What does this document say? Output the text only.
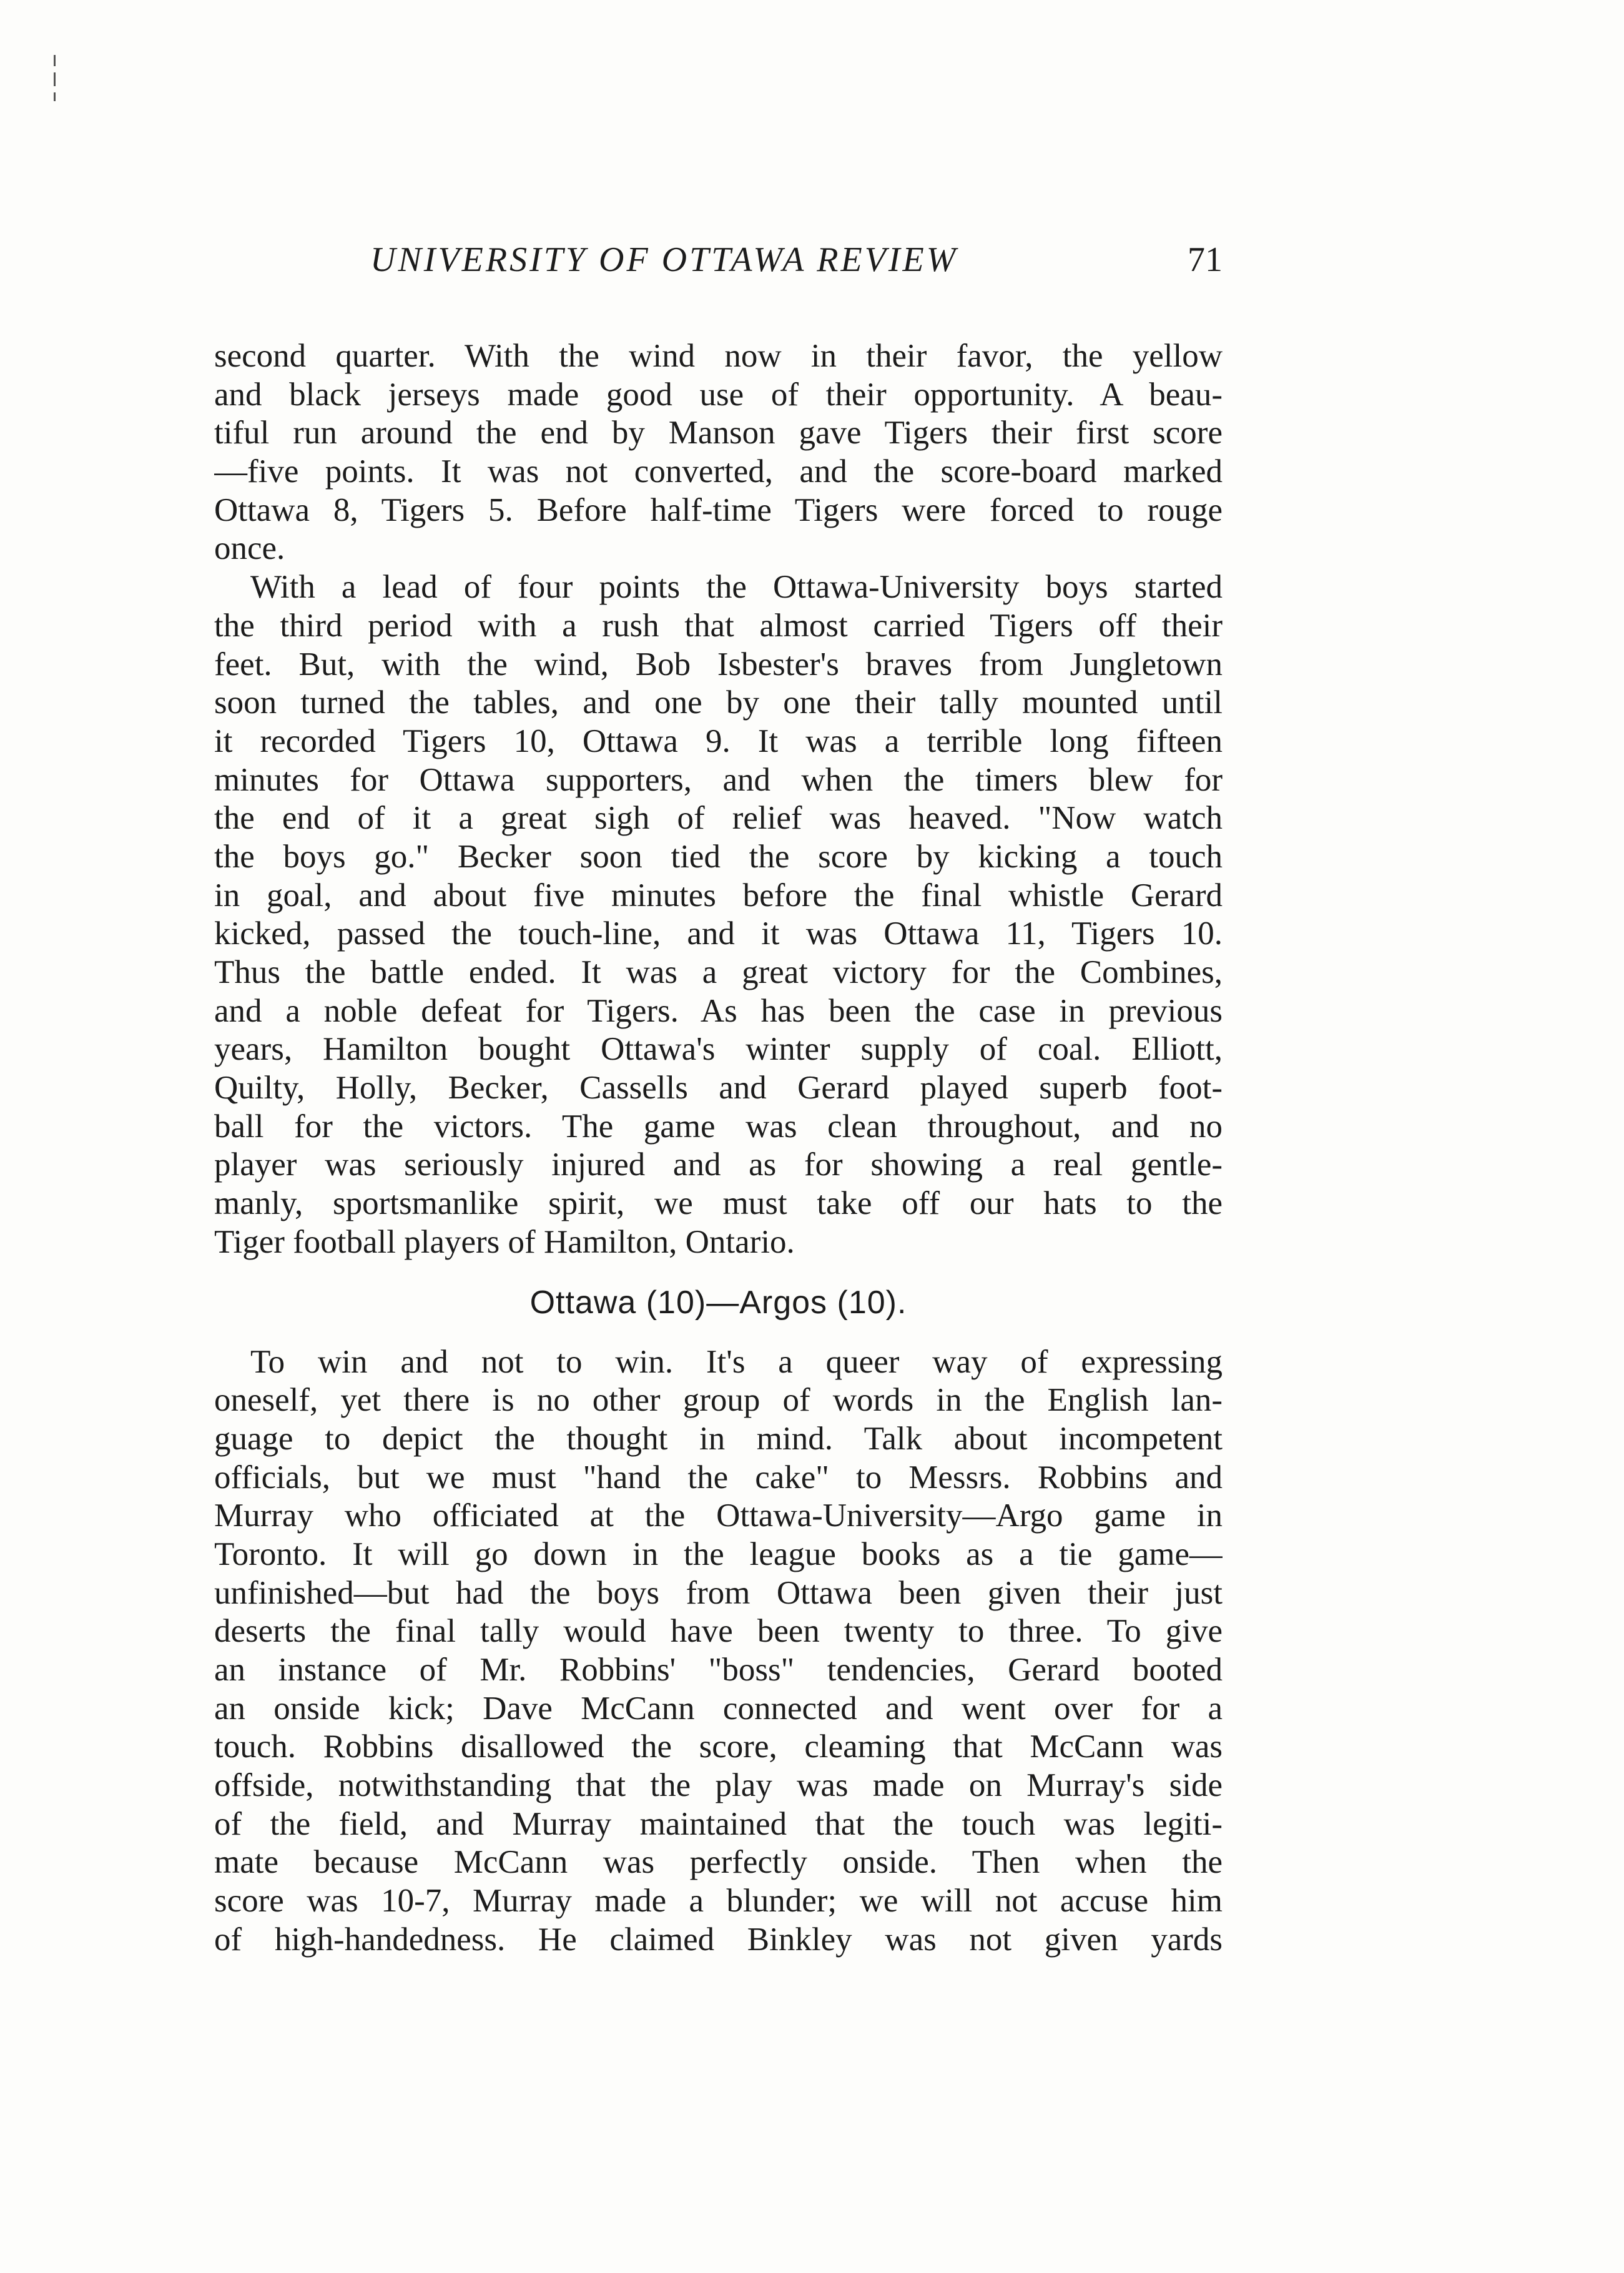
UNIVERSITY OF OTTAWA REVIEW	71
second quarter. With the wind now in their favor, the yellow
and black jerseys made good use of their opportunity. A beau-
tiful run around the end by Manson gave Tigers their first score
—five points. It was not converted, and the score-board marked
Ottawa 8, Tigers 5. Before half-time Tigers were forced to rouge
once.
With a lead of four points the Ottawa-University boys started
the third period with a rush that almost carried Tigers off their
feet. But, with the wind, Bob Isbester's braves from Jungletown
soon turned the tables, and one by one their tally mounted until
it recorded Tigers 10, Ottawa 9. It was a terrible long fifteen
minutes for Ottawa supporters, and when the timers blew for
the end of it a great sigh of relief was heaved. "Now watch
the boys go." Becker soon tied the score by kicking a touch
in goal, and about five minutes before the final whistle Gerard
kicked, passed the touch-line, and it was Ottawa 11, Tigers 10.
Thus the battle ended. It was a great victory for the Combines,
and a noble defeat for Tigers. As has been the case in previous
years, Hamilton bought Ottawa's winter supply of coal. Elliott,
Quilty, Holly, Becker, Cassells and Gerard played superb foot-
ball for the victors. The game was clean throughout, and no
player was seriously injured and as for showing a real gentle-
manly, sportsmanlike spirit, we must take off our hats to the
Tiger football players of Hamilton, Ontario.
Ottawa (10)—Argos (10).
To win and not to win. It's a queer way of expressing
oneself, yet there is no other group of words in the English lan-
guage to depict the thought in mind. Talk about incompetent
officials, but we must "hand the cake" to Messrs. Robbins and
Murray who officiated at the Ottawa-University—Argo game in
Toronto. It will go down in the league books as a tie game—
unfinished—but had the boys from Ottawa been given their just
deserts the final tally would have been twenty to three. To give
an instance of Mr. Robbins' "boss" tendencies, Gerard booted
an onside kick; Dave McCann connected and went over for a
touch. Robbins disallowed the score, cleaming that McCann was
offside, notwithstanding that the play was made on Murray's side
of the field, and Murray maintained that the touch was legiti-
mate because McCann was perfectly onside. Then when the
score was 10-7, Murray made a blunder; we will not accuse him
of high-handedness. He claimed Binkley was not given yards
